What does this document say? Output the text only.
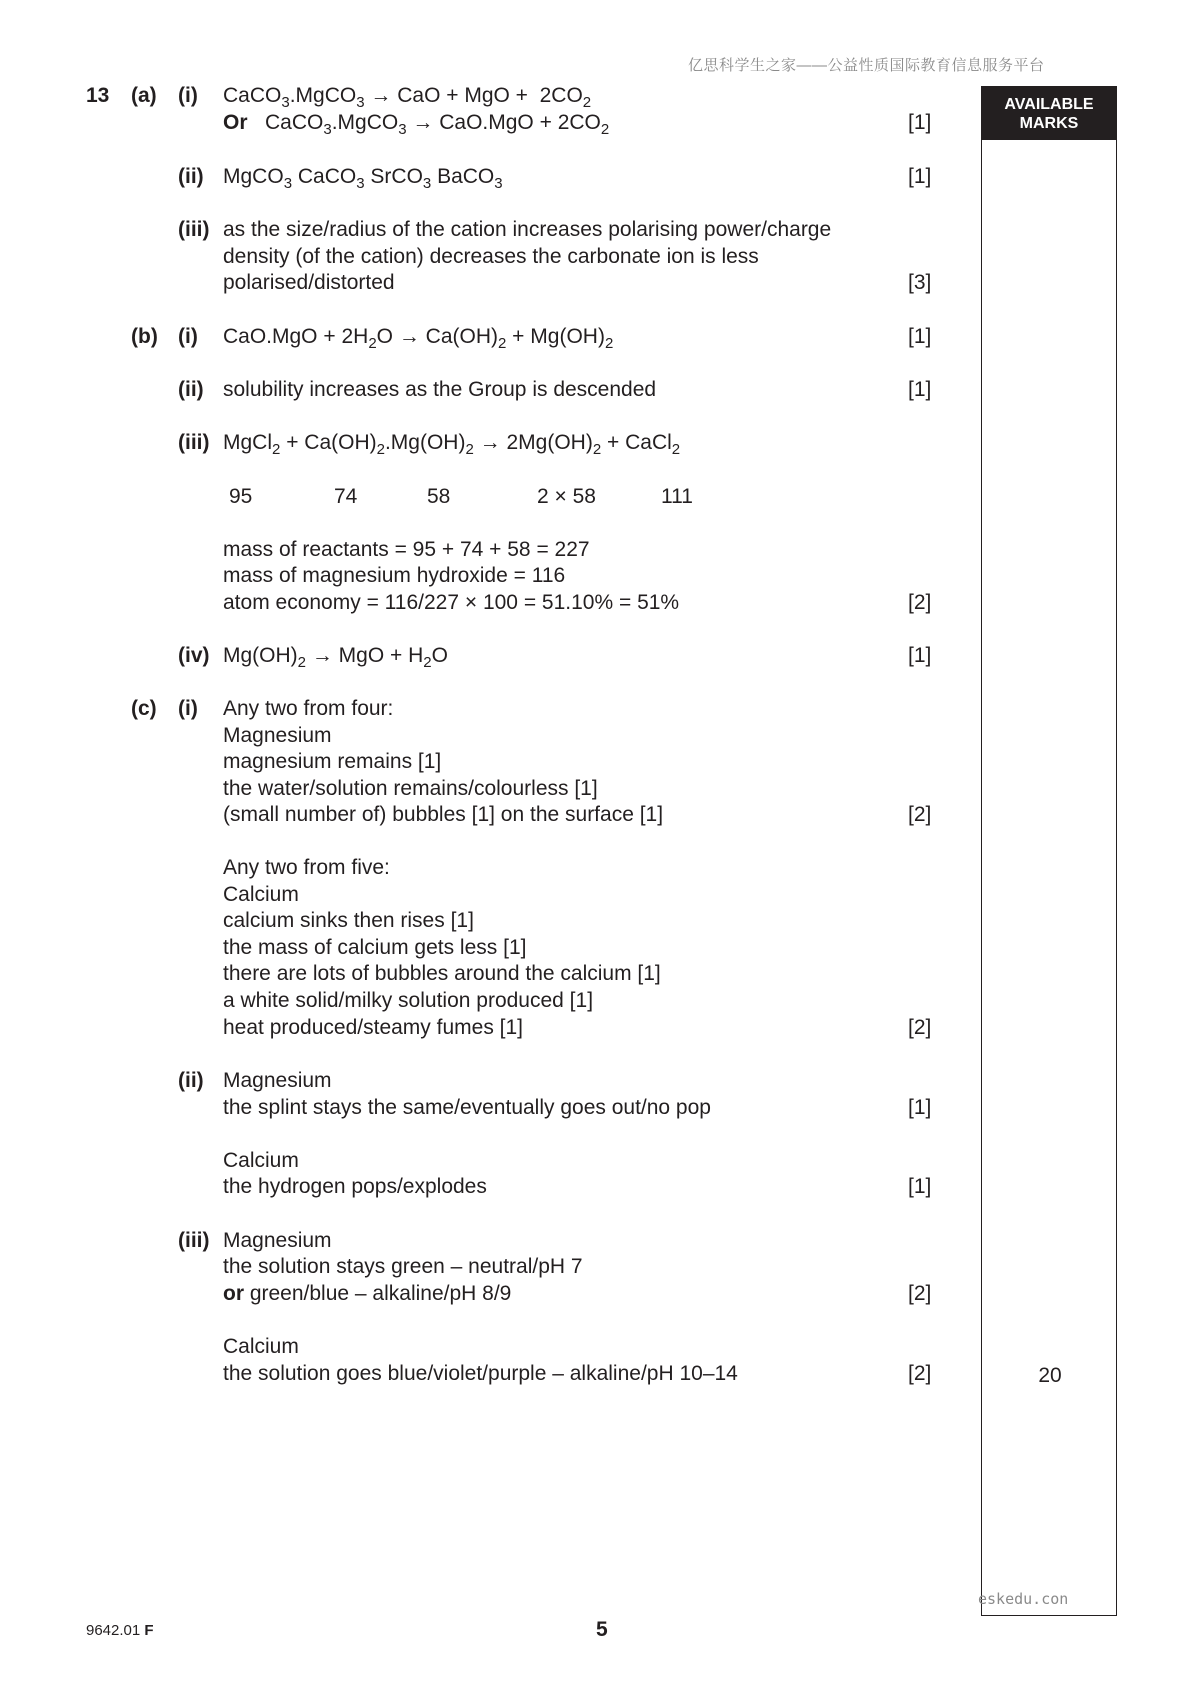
亿思科学生之家——公益性质国际教育信息服务平台
AVAILABLE
MARKS
20
eskedu.con
13 (a) (i) CaCO$_3$.MgCO$_3$ → CaO + MgO +  $2CO_2$
Or   CaCO$_3$.MgCO$_3$ → $CaO.MgO + 2CO_2$	[1]
(ii) MgCO$_3$ CaCO$_3$ SrCO$_3$ BaCO$_3$	[1]
(iii) as the size/radius of the cation increases polarising power/charge
density (of the cation) decreases the carbonate ion is less
polarised/distorted	[3]
(b) (i) $CaO.MgO + 2H_2O \to Ca(OH)_2 + Mg(OH)_2$	[1]
(ii) solubility increases as the Group is descended	[1]
(iii) MgCl$_2$ + $Ca(OH)_2.Mg(OH)_2 \to 2Mg(OH)_2$ + CaCl$_2$
95	74	58	2 × 58	111
mass of reactants = 95 + 74 + 58 = 227
mass of magnesium hydroxide = 116
atom economy = 116/227 × 100 = 51.10% = 51%	[2]
(iv) $Mg(OH)_2$ → MgO + $H_2O$	[1]
(c) (i) Any two from four:
Magnesium
magnesium remains [1]
the water/solution remains/colourless [1]
(small number of) bubbles [1] on the surface [1]	[2]
Any two from five:
Calcium
calcium sinks then rises [1]
the mass of calcium gets less [1]
there are lots of bubbles around the calcium [1]
a white solid/milky solution produced [1]
heat produced/steamy fumes [1]	[2]
(ii) Magnesium
the splint stays the same/eventually goes out/no pop	[1]
Calcium
the hydrogen pops/explodes	[1]
(iii) Magnesium
the solution stays green – neutral/pH 7
or green/blue – alkaline/pH 8/9	[2]
Calcium
the solution goes blue/violet/purple – alkaline/pH 10–14	[2]
9642.01 F	5
